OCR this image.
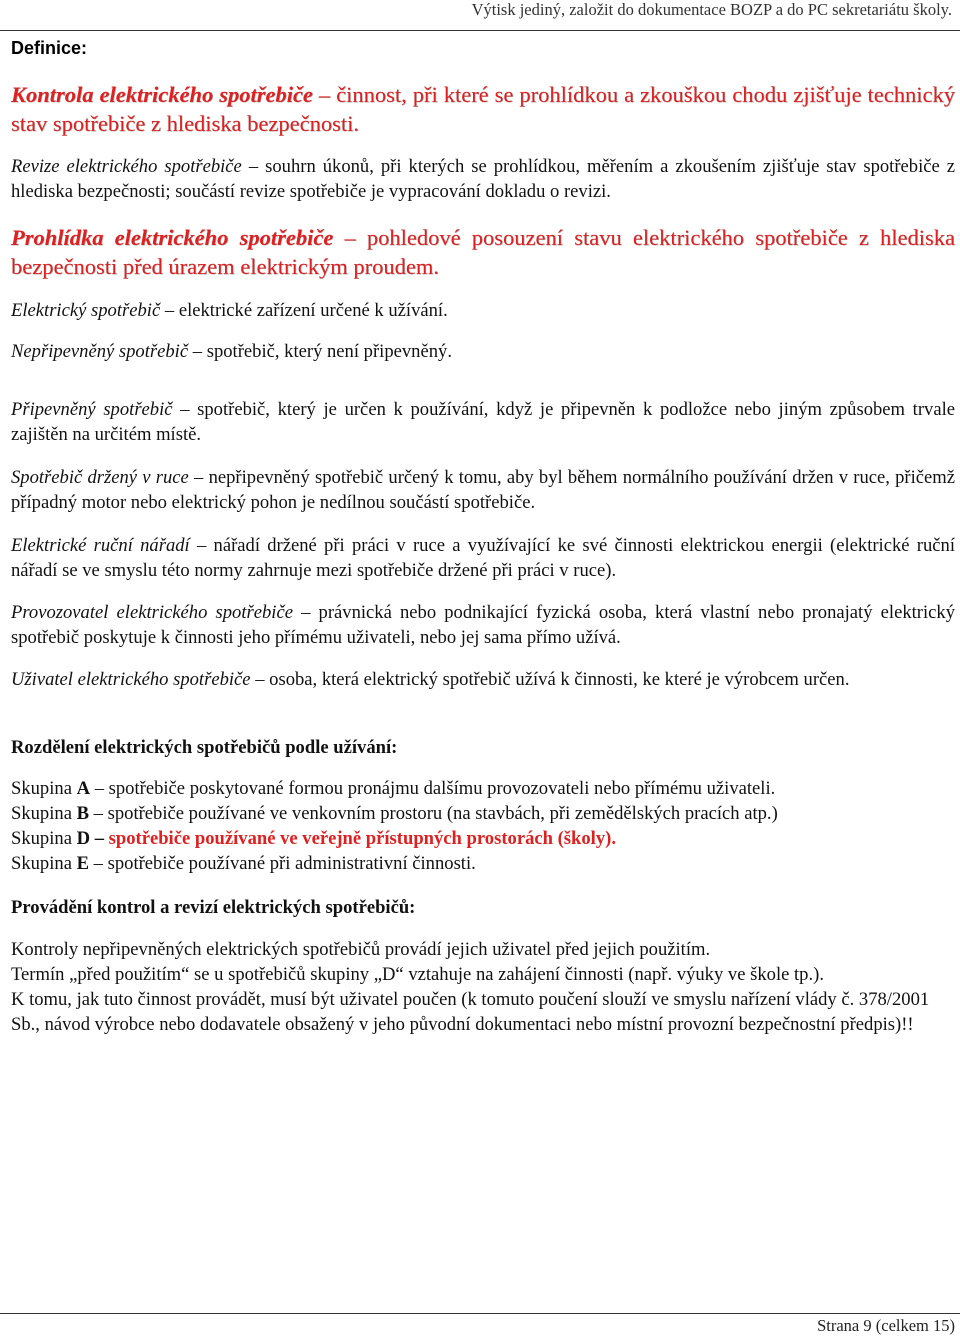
Výtisk jediný, založit do dokumentace BOZP a do PC sekretariátu školy.
Definice:
Kontrola elektrického spotřebiče – činnost, při které se prohlídkou a zkouškou chodu zjišťuje technický stav spotřebiče z hlediska bezpečnosti.
Revize elektrického spotřebiče – souhrn úkonů, při kterých se prohlídkou, měřením a zkoušením zjišťuje stav spotřebiče z hlediska bezpečnosti; součástí revize spotřebiče je vypracování dokladu o revizi.
Prohlídka elektrického spotřebiče – pohledové posouzení stavu elektrického spotřebiče z hlediska bezpečnosti před úrazem elektrickým proudem.
Elektrický spotřebič – elektrické zařízení určené k užívání.
Nepřipevněný spotřebič – spotřebič, který není připevněný.
Připevněný spotřebič – spotřebič, který je určen k používání, když je připevněn k podložce nebo jiným způsobem trvale zajištěn na určitém místě.
Spotřebič držený v ruce – nepřipevněný spotřebič určený k tomu, aby byl během normálního používání držen v ruce, přičemž případný motor nebo elektrický pohon je nedílnou součástí spotřebiče.
Elektrické ruční nářadí – nářadí držené při práci v ruce a využívající ke své činnosti elektrickou energii (elektrické ruční nářadí se ve smyslu této normy zahrnuje mezi spotřebiče držené při práci v ruce).
Provozovatel elektrického spotřebiče – právnická nebo podnikající fyzická osoba, která vlastní nebo pronajatý elektrický spotřebič poskytuje k činnosti jeho přímému uživateli, nebo jej sama přímo užívá.
Uživatel elektrického spotřebiče – osoba, která elektrický spotřebič užívá k činnosti, ke které je výrobcem určen.
Rozdělení elektrických spotřebičů podle užívání:
Skupina A – spotřebiče poskytované formou pronájmu dalšímu provozovateli nebo přímému uživateli.
Skupina B – spotřebiče používané ve venkovním prostoru (na stavbách, při zemědělských pracích atp.)
Skupina D – spotřebiče používané ve veřejně přístupných prostorách (školy).
Skupina E – spotřebiče používané při administrativní činnosti.
Provádění kontrol a revizí elektrických spotřebičů:
Kontroly nepřipevněných elektrických spotřebičů provádí jejich uživatel před jejich použitím.
Termín „před použitím“ se u spotřebičů skupiny „D“ vztahuje na zahájení činnosti (např. výuky ve škole tp.).
K tomu, jak tuto činnost provádět, musí být uživatel poučen (k tomuto poučení slouží ve smyslu nařízení vlády č. 378/2001 Sb., návod výrobce nebo dodavatele obsažený v jeho původní dokumentaci nebo místní provozní bezpečnostní předpis)!!
Strana 9 (celkem 15)
